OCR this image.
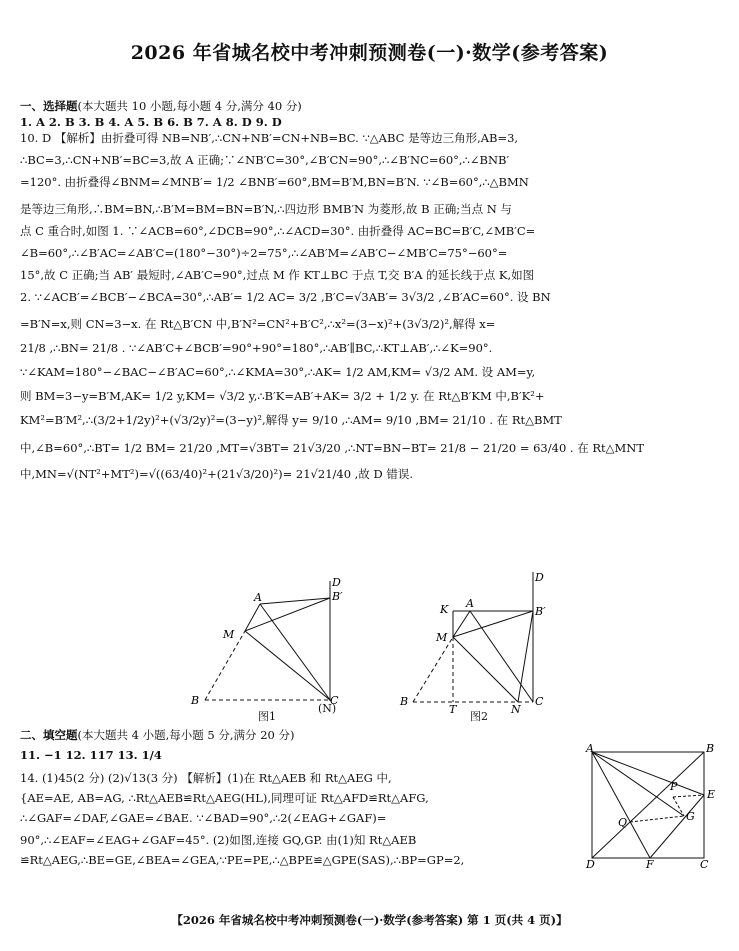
2026 年省城名校中考冲刺预测卷(一)·数学(参考答案)
一、选择题(本大题共 10 小题,每小题 4 分,满分 40 分)
1. A 2. B 3. B 4. A 5. B 6. B 7. A 8. D 9. D
10. D 【解析】由折叠可得 NB=NB′,∴CN+NB′=CN+NB=BC. ∵△ABC 是等边三角形,AB=3,
∴BC=3,∴CN+NB′=BC=3,故 A 正确;∵∠NB′C=30°,∠B′CN=90°,∴∠B′NC=60°,∴∠BNB′
=120°. 由折叠得∠BNM=∠MNB′= 1/2 ∠BNB′=60°,BM=B′M,BN=B′N. ∵∠B=60°,∴△BMN
是等边三角形,∴BM=BN,∴B′M=BM=BN=B′N,∴四边形 BMB′N 为菱形,故 B 正确;当点 N 与
点 C 重合时,如图 1. ∵∠ACB=60°,∠DCB=90°,∴∠ACD=30°. 由折叠得 AC=BC=B′C,∠MB′C=
∠B=60°,∴∠B′AC=∠AB′C=(180°−30°)÷2=75°,∴∠AB′M=∠AB′C−∠MB′C=75°−60°=
15°,故 C 正确;当 AB′ 最短时,∠AB′C=90°,过点 M 作 KT⊥BC 于点 T,交 B′A 的延长线于点 K,如图
2. ∵∠ACB′=∠BCB′−∠BCA=30°,∴AB′= 1/2 AC= 3/2 ,B′C=√3AB′= 3√3/2 ,∠B′AC=60°. 设 BN
=B′N=x,则 CN=3−x. 在 Rt△B′CN 中,B′N²=CN²+B′C²,∴x²=(3−x)²+(3√3/2)²,解得 x=
21/8 ,∴BN= 21/8 . ∵∠AB′C+∠BCB′=90°+90°=180°,∴AB′∥BC,∴KT⊥AB′,∴∠K=90°.
∵∠KAM=180°−∠BAC−∠B′AC=60°,∴∠KMA=30°,∴AK= 1/2 AM,KM= √3/2 AM. 设 AM=y,
则 BM=3−y=B′M,AK= 1/2 y,KM= √3/2 y,∴B′K=AB′+AK= 3/2 + 1/2 y. 在 Rt△B′KM 中,B′K²+
KM²=B′M²,∴(3/2+1/2y)²+(√3/2y)²=(3−y)²,解得 y= 9/10 ,∴AM= 9/10 ,BM= 21/10 . 在 Rt△BMT
中,∠B=60°,∴BT= 1/2 BM= 21/20 ,MT=√3BT= 21√3/20 ,∴NT=BN−BT= 21/8 − 21/20 = 63/40 . 在 Rt△MNT
中,MN=√(NT²+MT²)=√((63/40)²+(21√3/20)²)= 21√21/40 ,故 D 错误.
D
B′
A
M
B	C
(N)
图1
D
K A
B′
M
B
T	N
C
图2
二、填空题(本大题共 4 小题,每小题 5 分,满分 20 分)
11. −1 12. 117 13. 1/4
14. (1)45(2 分) (2)√13(3 分) 【解析】(1)在 Rt△AEB 和 Rt△AEG 中,
{AE=AE, AB=AG, ∴Rt△AEB≌Rt△AEG(HL),同理可证 Rt△AFD≌Rt△AFG,
∴∠GAF=∠DAF,∠GAE=∠BAE. ∵∠BAD=90°,∴2(∠EAG+∠GAF)=
90°,∴∠EAF=∠EAG+∠GAF=45°. (2)如图,连接 GQ,GP. 由(1)知 Rt△AEB
≌Rt△AEG,∴BE=GE,∠BEA=∠GEA,∵PE=PE,∴△BPE≌△GPE(SAS),∴BP=GP=2,
A	B
E
P
G
Q
D	F	C
【2026 年省城名校中考冲刺预测卷(一)·数学(参考答案) 第 1 页(共 4 页)】
